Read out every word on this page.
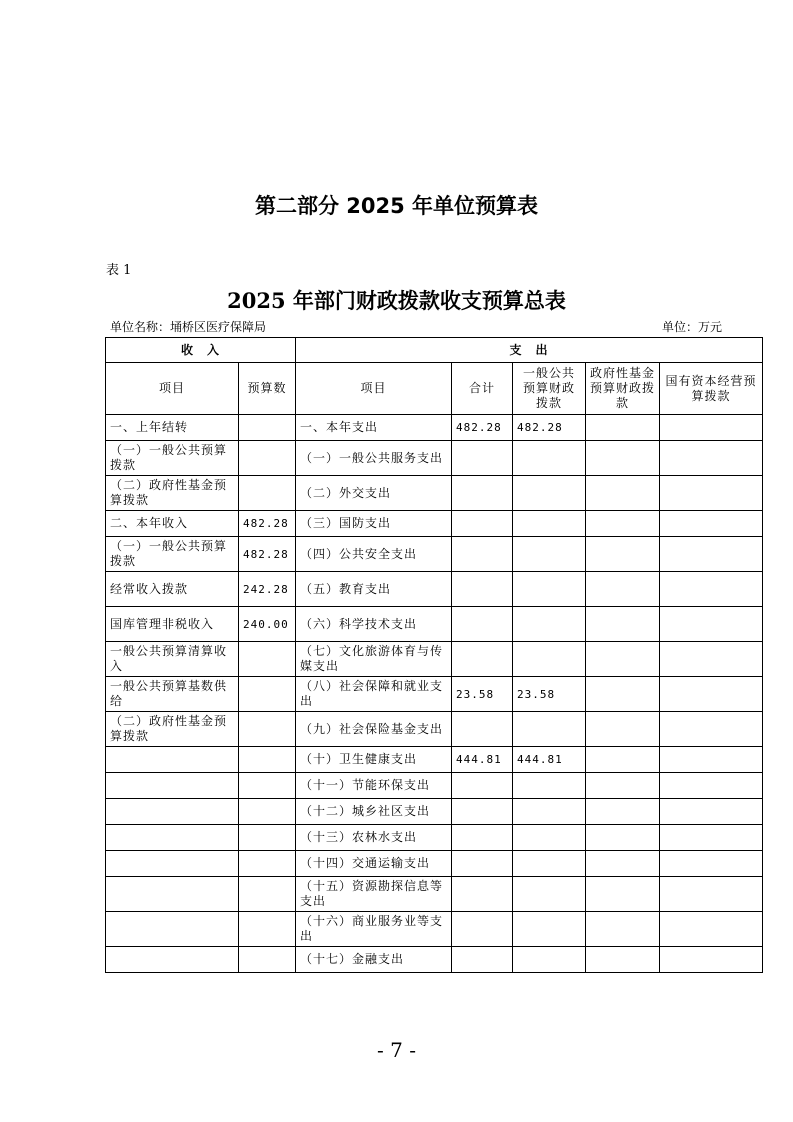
第二部分 2025 年单位预算表
表 1
2025 年部门财政拨款收支预算总表
单位名称：埇桥区医疗保障局	单位：万元
收　入		支　出				
项目	预算数	项目	合计	一般公共预算财政拨款	政府性基金预算财政拨款	国有资本经营预算拨款
一、上年结转		一、本年支出	482.28	482.28		
（一）一般公共预算拨款		（一）一般公共服务支出				
（二）政府性基金预算拨款		（二）外交支出				
二、本年收入	482.28	（三）国防支出				
（一）一般公共预算拨款	482.28	（四）公共安全支出				
经常收入拨款	242.28	（五）教育支出				
国库管理非税收入	240.00	（六）科学技术支出				
一般公共预算清算收入		（七）文化旅游体育与传媒支出				
一般公共预算基数供给		（八）社会保障和就业支出	23.58	23.58		
（二）政府性基金预算拨款		（九）社会保险基金支出				
		（十）卫生健康支出	444.81	444.81		
		（十一）节能环保支出				
		（十二）城乡社区支出				
		（十三）农林水支出				
		（十四）交通运输支出				
		（十五）资源勘探信息等支出				
		（十六）商业服务业等支出				
		（十七）金融支出				
- 7 -
